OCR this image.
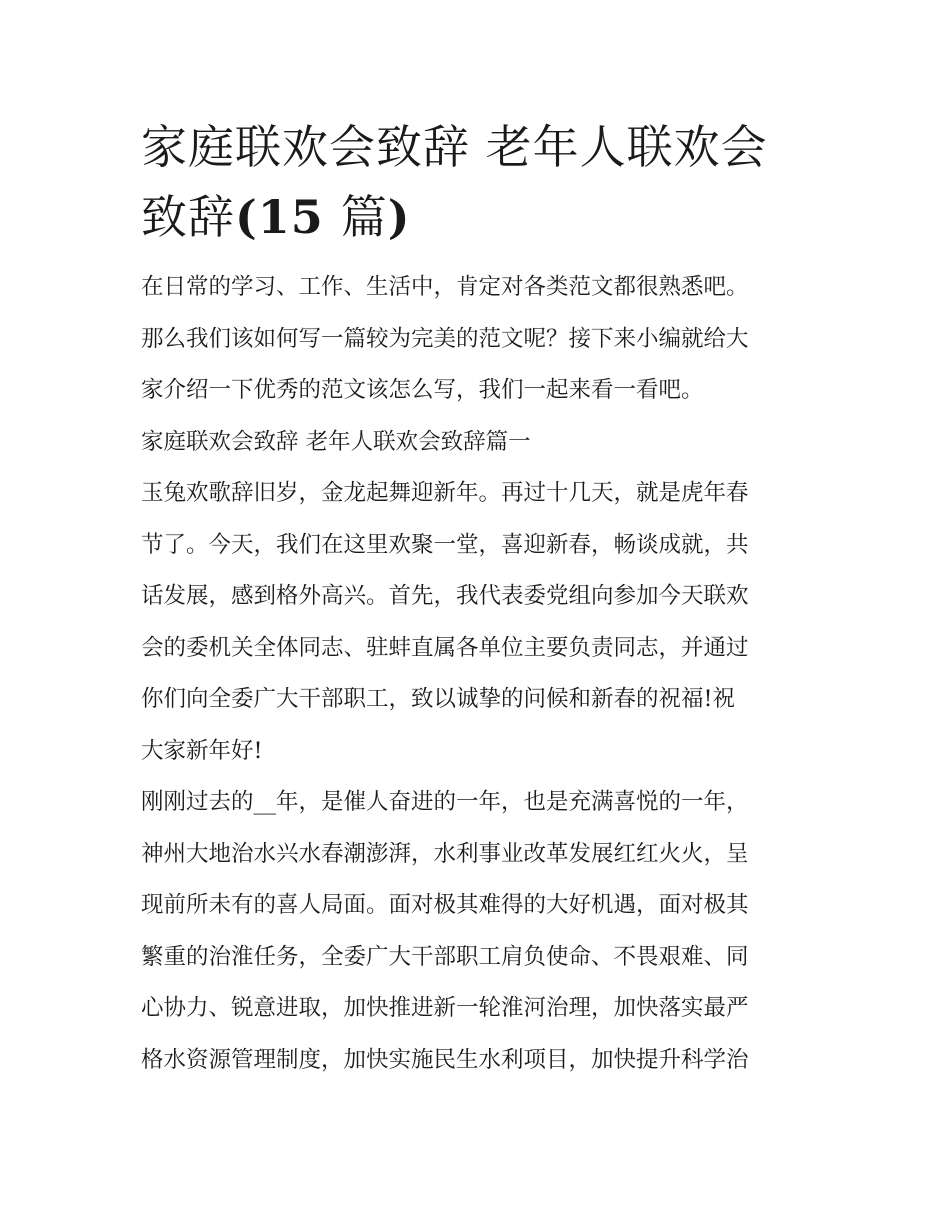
家庭联欢会致辞 老年人联欢会
致辞(15 篇)
在日常的学习、工作、生活中，肯定对各类范文都很熟悉吧。
那么我们该如何写一篇较为完美的范文呢？接下来小编就给大
家介绍一下优秀的范文该怎么写，我们一起来看一看吧。
家庭联欢会致辞 老年人联欢会致辞篇一
玉兔欢歌辞旧岁，金龙起舞迎新年。再过十几天，就是虎年春
节了。今天，我们在这里欢聚一堂，喜迎新春，畅谈成就，共
话发展，感到格外高兴。首先，我代表委党组向参加今天联欢
会的委机关全体同志、驻蚌直属各单位主要负责同志，并通过
你们向全委广大干部职工，致以诚挚的问候和新春的祝福!祝
大家新年好!
刚刚过去的__年，是催人奋进的一年，也是充满喜悦的一年，
神州大地治水兴水春潮澎湃，水利事业改革发展红红火火，呈
现前所未有的喜人局面。面对极其难得的大好机遇，面对极其
繁重的治淮任务，全委广大干部职工肩负使命、不畏艰难、同
心协力、锐意进取，加快推进新一轮淮河治理，加快落实最严
格水资源管理制度，加快实施民生水利项目，加快提升科学治
